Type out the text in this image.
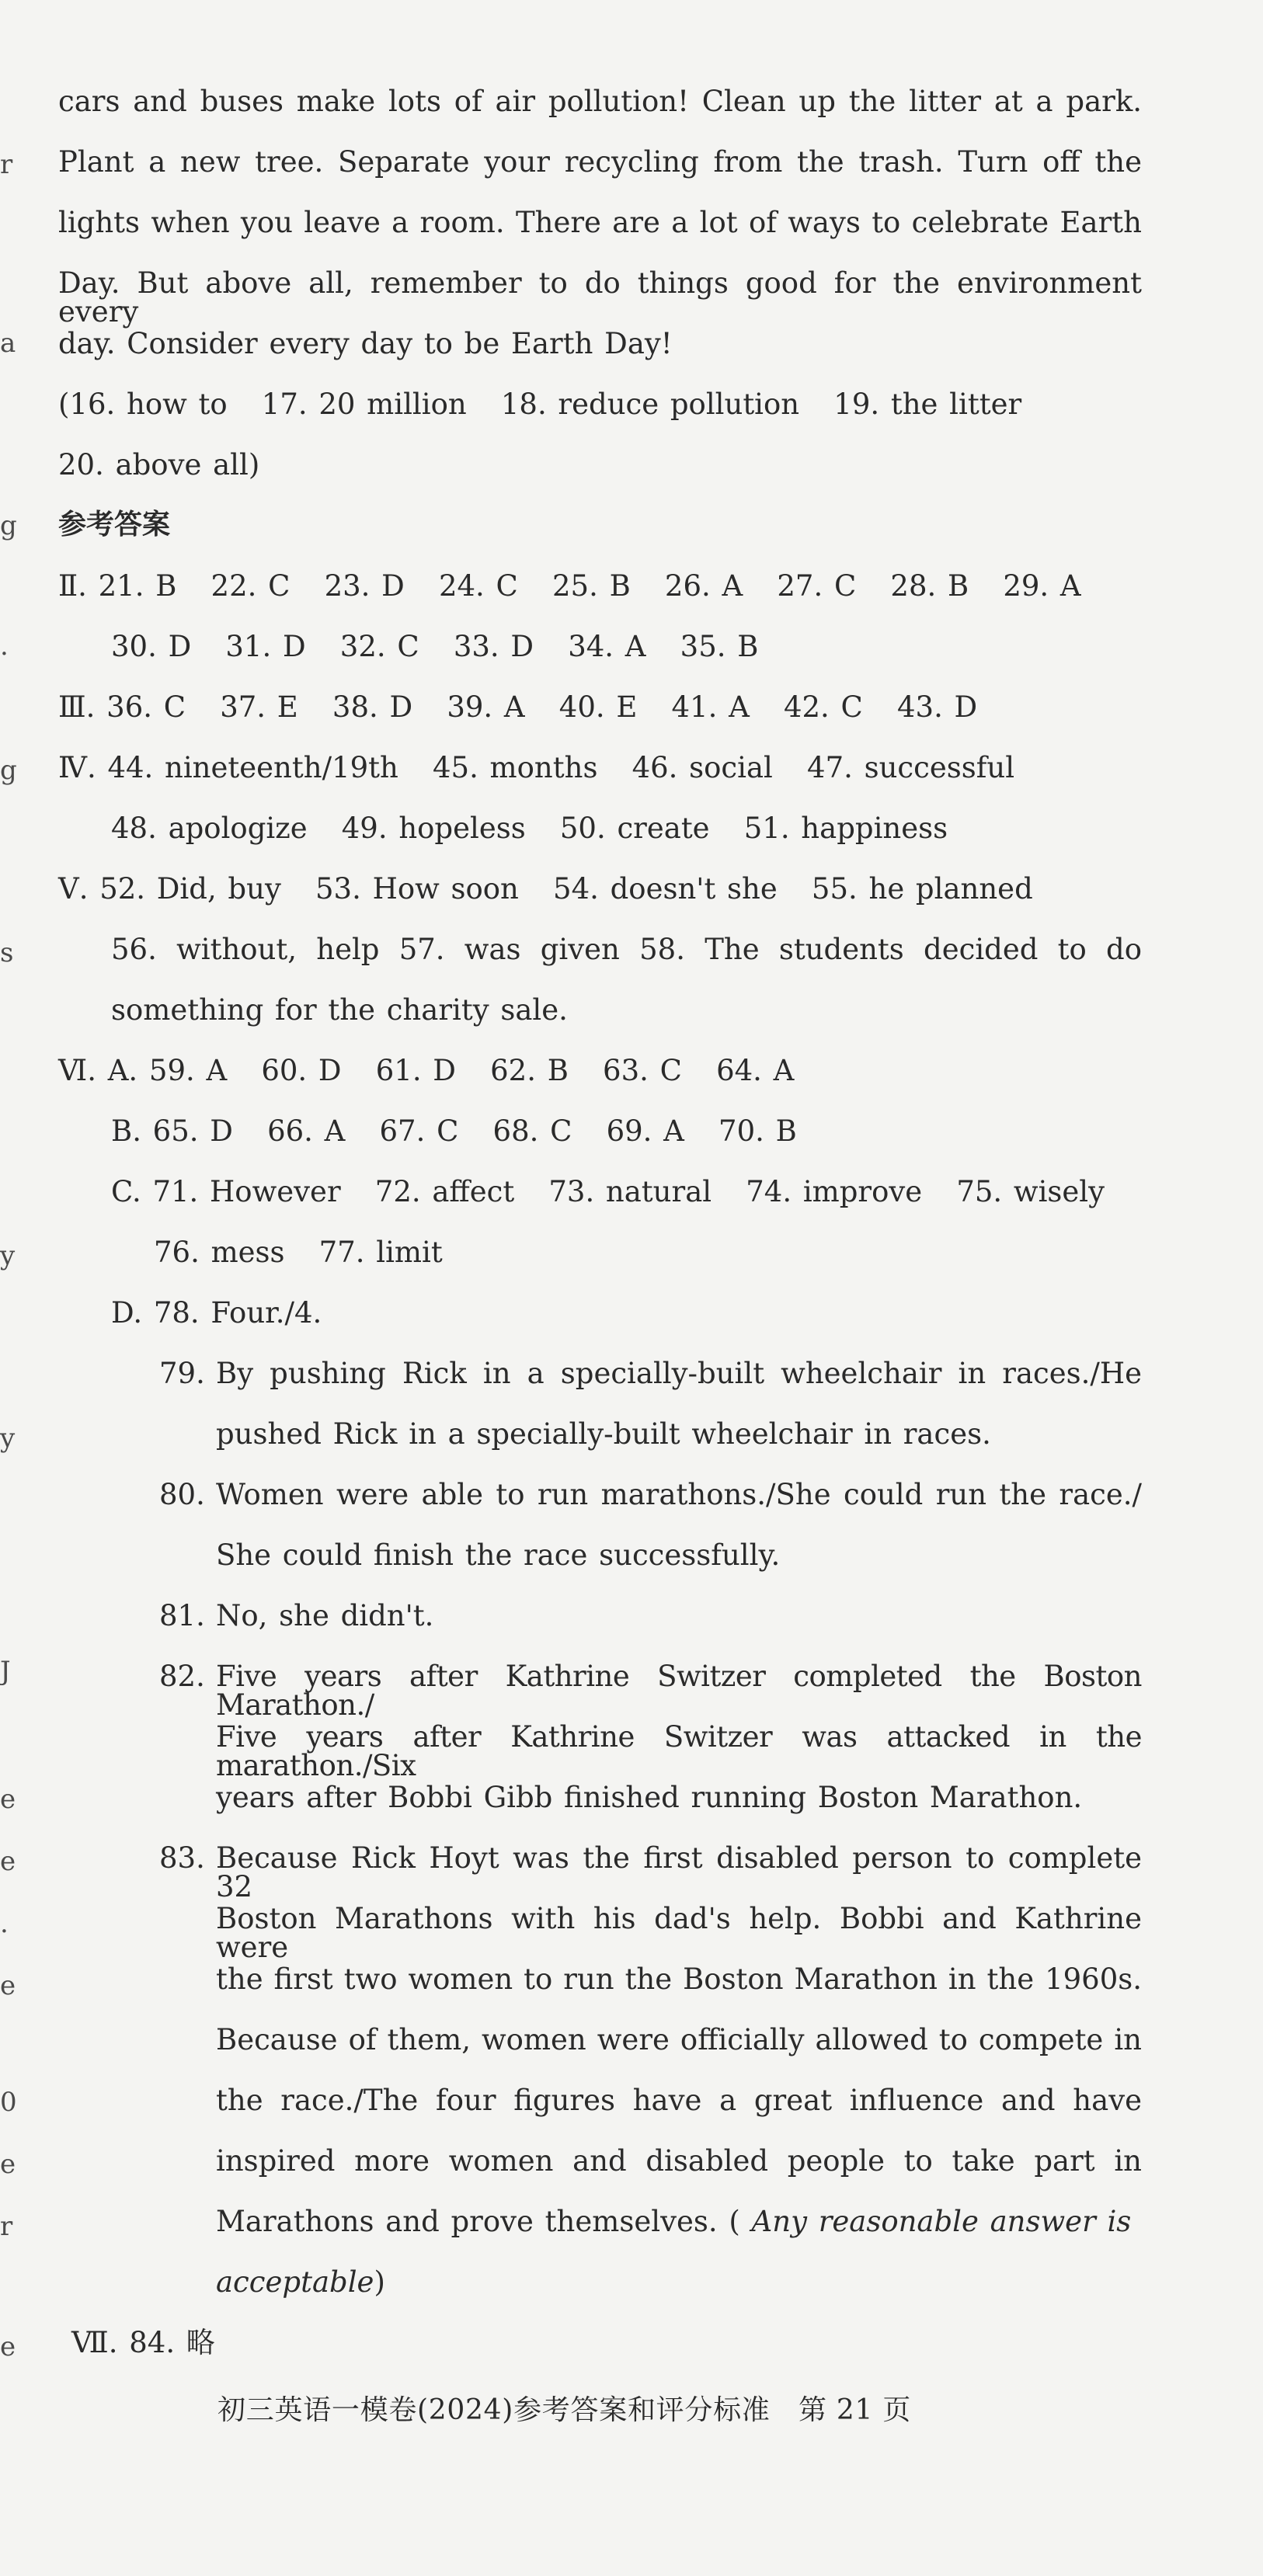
r
a
g
.
g
s
y
y
J
e
e
.
e
0
e
r
e
cars and buses make lots of air pollution! Clean up the litter at a park.
Plant a new tree. Separate your recycling from the trash. Turn off the
lights when you leave a room. There are a lot of ways to celebrate Earth
Day. But above all, remember to do things good for the environment every
day. Consider every day to be Earth Day!
(16. how to   17. 20 million   18. reduce pollution   19. the litter
20. above all)
参考答案
Ⅱ. 21. B   22. C   23. D   24. C   25. B   26. A   27. C   28. B   29. A
30. D   31. D   32. C   33. D   34. A   35. B
Ⅲ. 36. C   37. E   38. D   39. A   40. E   41. A   42. C   43. D
Ⅳ. 44. nineteenth/19th   45. months   46. social   47. successful
48. apologize   49. hopeless   50. create   51. happiness
Ⅴ. 52. Did, buy   53. How soon   54. doesn't she   55. he planned
56. without, help 57. was given 58. The students decided to do
something for the charity sale.
Ⅵ. A. 59. A   60. D   61. D   62. B   63. C   64. A
B. 65. D   66. A   67. C   68. C   69. A   70. B
C. 71. However   72. affect   73. natural   74. improve   75. wisely
76. mess   77. limit
D. 78. Four./4.
79. By pushing Rick in a specially-built wheelchair in races./He
pushed Rick in a specially-built wheelchair in races.
80. Women were able to run marathons./She could run the race./
She could finish the race successfully.
81. No, she didn't.
82. Five years after Kathrine Switzer completed the Boston Marathon./
Five years after Kathrine Switzer was attacked in the marathon./Six
years after Bobbi Gibb finished running Boston Marathon.
83. Because Rick Hoyt was the first disabled person to complete 32
Boston Marathons with his dad's help. Bobbi and Kathrine were
the first two women to run the Boston Marathon in the 1960s.
Because of them, women were officially allowed to compete in
the race./The four figures have a great influence and have
inspired more women and disabled people to take part in
Marathons and prove themselves. ( Any reasonable answer is
acceptable)
Ⅶ. 84. 略
初三英语一模卷(2024)参考答案和评分标准   第 21 页
